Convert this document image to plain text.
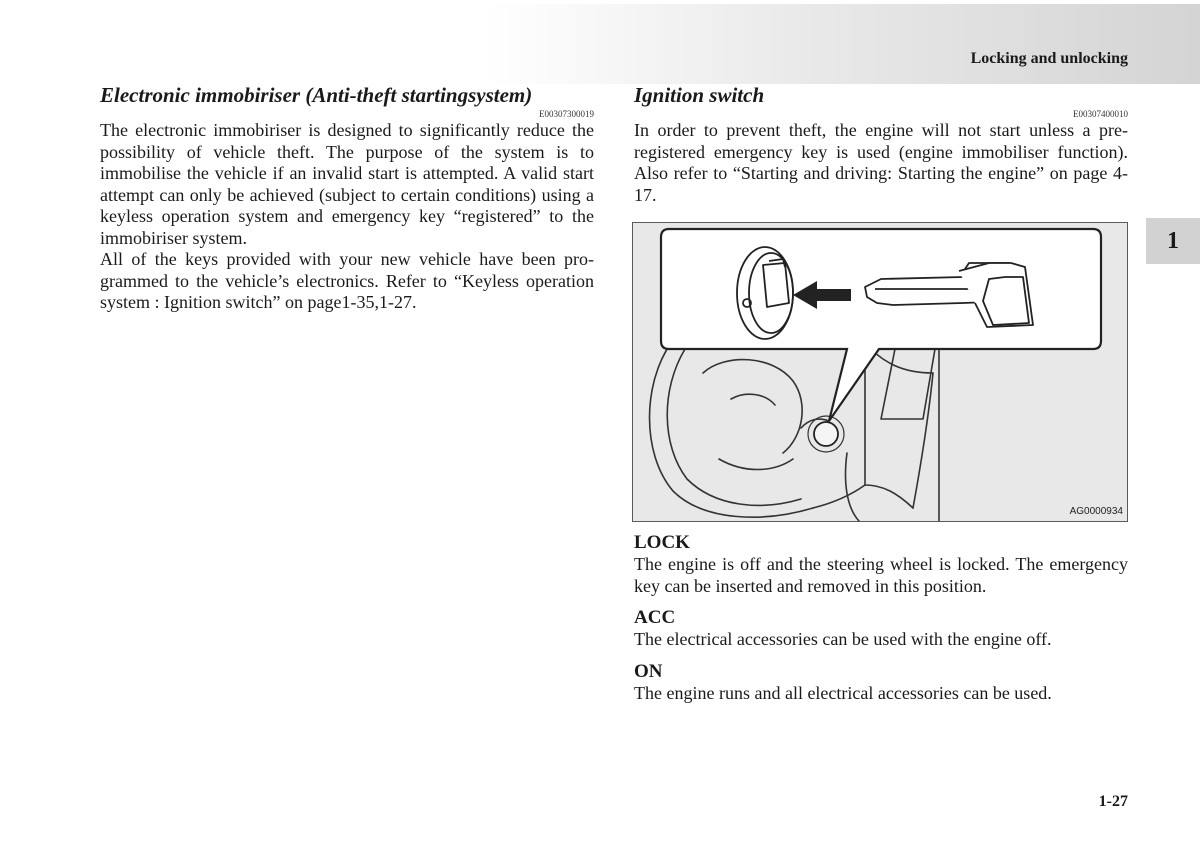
Locking and unlocking
Electronic immobiriser (Anti-theft startingsystem)

E00307300019

The electronic immobiriser is designed to significantly reduce the possibility of vehicle theft. The purpose of the system is to immobilise the vehicle if an invalid start is attempted. A valid start attempt can only be achieved (subject to certain conditions) using a keyless operation system and emergency key “registered” to the immobiriser system.

All of the keys provided with your new vehicle have been programmed to the vehicle’s electronics. Refer to “Keyless operation system : Ignition switch” on page1-35,1-27.

Ignition switch

E00307400010

In order to prevent theft, the engine will not start unless a preregistered emergency key is used (engine immobiliser function). Also refer to “Starting and driving: Starting the engine” on page 4-17.

AG0000934

LOCK

The engine is off and the steering wheel is locked. The emergency key can be inserted and removed in this position.

ACC

The electrical accessories can be used with the engine off.

ON

The engine runs and all electrical accessories can be used.

1
1-27
